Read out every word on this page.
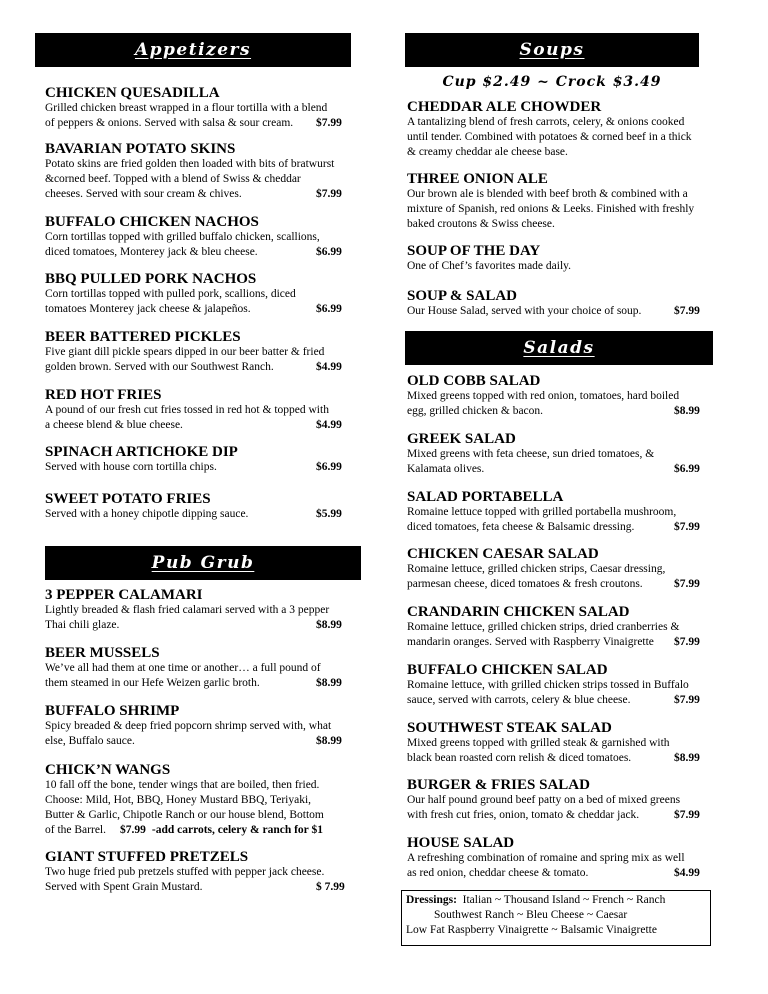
Appetizers	Soups
Salads
Pub Grub
Cup $2.49 ~ Crock $3.49
CHICKEN QUESADILLA
Grilled chicken breast wrapped in a flour tortilla with a blend
of peppers & onions. Served with salsa & sour cream. $7.99
BAVARIAN POTATO SKINS
Potato skins are fried golden then loaded with bits of bratwurst
&corned beef. Topped with a blend of Swiss & cheddar
cheeses. Served with sour cream & chives.	$7.99
BUFFALO CHICKEN NACHOS
Corn tortillas topped with grilled buffalo chicken, scallions,
diced tomatoes, Monterey jack & bleu cheese.	$6.99
BBQ PULLED PORK NACHOS
Corn tortillas topped with pulled pork, scallions, diced
tomatoes Monterey jack cheese & jalapeños.	$6.99
BEER BATTERED PICKLES
Five giant dill pickle spears dipped in our beer batter & fried
golden brown. Served with our Southwest Ranch.	$4.99
RED HOT FRIES
A pound of our fresh cut fries tossed in red hot & topped with
a cheese blend & blue cheese.	$4.99
SPINACH ARTICHOKE DIP
Served with house corn tortilla chips.	$6.99
SWEET POTATO FRIES
Served with a honey chipotle dipping sauce.	$5.99
3 PEPPER CALAMARI
Lightly breaded & flash fried calamari served with a 3 pepper
Thai chili glaze.	$8.99
BEER MUSSELS
We’ve all had them at one time or another… a full pound of
them steamed in our Hefe Weizen garlic broth.	$8.99
BUFFALO SHRIMP
Spicy breaded & deep fried popcorn shrimp served with, what
else, Buffalo sauce.	$8.99
CHICK’N WANGS
10 fall off the bone, tender wings that are boiled, then fried.
Choose: Mild, Hot, BBQ, Honey Mustard BBQ, Teriyaki,
Butter & Garlic, Chipotle Ranch or our house blend, Bottom
of the Barrel. $7.99 -add carrots, celery & ranch for $1
GIANT STUFFED PRETZELS
Two huge fried pub pretzels stuffed with pepper jack cheese.
Served with Spent Grain Mustard.	$ 7.99
CHEDDAR ALE CHOWDER
A tantalizing blend of fresh carrots, celery, & onions cooked
until tender. Combined with potatoes & corned beef in a thick
& creamy cheddar ale cheese base.
THREE ONION ALE
Our brown ale is blended with beef broth & combined with a
mixture of Spanish, red onions & Leeks. Finished with freshly
baked croutons & Swiss cheese.
SOUP OF THE DAY
One of Chef’s favorites made daily.
SOUP & SALAD
Our House Salad, served with your choice of soup.	$7.99
OLD COBB SALAD
Mixed greens topped with red onion, tomatoes, hard boiled
egg, grilled chicken & bacon.	$8.99
GREEK SALAD
Mixed greens with feta cheese, sun dried tomatoes, &
Kalamata olives.	$6.99
SALAD PORTABELLA
Romaine lettuce topped with grilled portabella mushroom,
diced tomatoes, feta cheese & Balsamic dressing.	$7.99
CHICKEN CAESAR SALAD
Romaine lettuce, grilled chicken strips, Caesar dressing,
parmesan cheese, diced tomatoes & fresh croutons.	$7.99
CRANDARIN CHICKEN SALAD
Romaine lettuce, grilled chicken strips, dried cranberries &
mandarin oranges. Served with Raspberry Vinaigrette $7.99
BUFFALO CHICKEN SALAD
Romaine lettuce, with grilled chicken strips tossed in Buffalo
sauce, served with carrots, celery & blue cheese.	$7.99
SOUTHWEST STEAK SALAD
Mixed greens topped with grilled steak & garnished with
black bean roasted corn relish & diced tomatoes.	$8.99
BURGER & FRIES SALAD
Our half pound ground beef patty on a bed of mixed greens
with fresh cut fries, onion, tomato & cheddar jack.	$7.99
HOUSE SALAD
A refreshing combination of romaine and spring mix as well
as red onion, cheddar cheese & tomato.	$4.99
Dressings: Italian ~ Thousand Island ~ French ~ Ranch
Southwest Ranch ~ Bleu Cheese ~ Caesar
Low Fat Raspberry Vinaigrette ~ Balsamic Vinaigrette
